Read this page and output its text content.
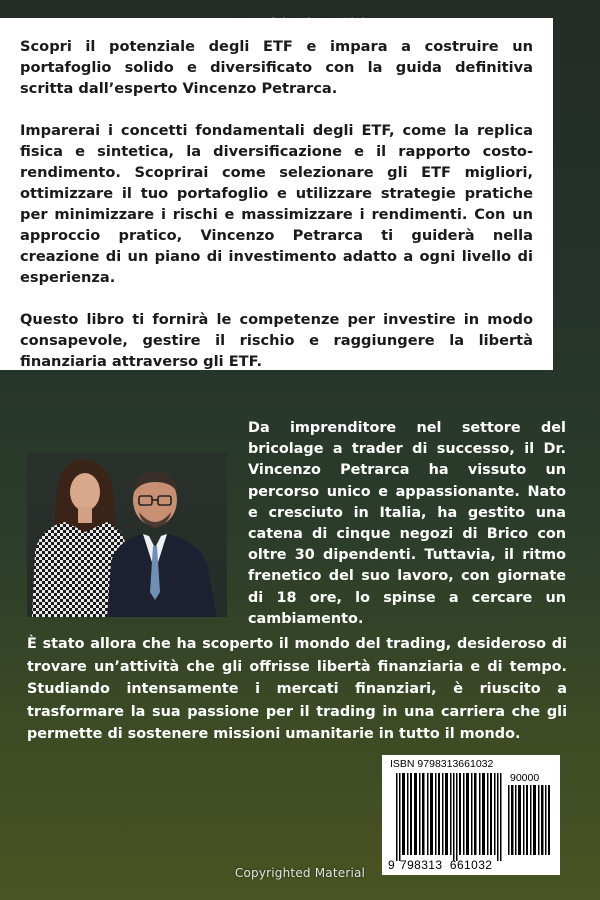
Scopri il potenziale degli ETF e impara a costruire un portafoglio solido e diversificato con la guida definitiva scritta dall’esperto Vincenzo Petrarca.

Imparerai i concetti fondamentali degli ETF, come la replica fisica e sintetica, la diversificazione e il rapporto costo-rendimento. Scoprirai come selezionare gli ETF migliori, ottimizzare il tuo portafoglio e utilizzare strategie pratiche per minimizzare i rischi e massimizzare i rendimenti. Con un approccio pratico, Vincenzo Petrarca ti guiderà nella creazione di un piano di investimento adatto a ogni livello di esperienza.

Questo libro ti fornirà le competenze per investire in modo consapevole, gestire il rischio e raggiungere la libertà finanziaria attraverso gli ETF.

Da imprenditore nel settore del bricolage a trader di successo, il Dr. Vincenzo Petrarca ha vissuto un percorso unico e appassionante. Nato e cresciuto in Italia, ha gestito una catena di cinque negozi di Brico con oltre 30 dipendenti. Tuttavia, il ritmo frenetico del suo lavoro, con giornate di 18 ore, lo spinse a cercare un cambiamento.

È stato allora che ha scoperto il mondo del trading, desideroso di trovare un’attività che gli offrisse libertà finanziaria e di tempo. Studiando intensamente i mercati finanziari, è riuscito a trasformare la sua passione per il trading in una carriera che gli permette di sostenere missioni umanitarie in tutto il mondo.

ISBN 9798313661032
90000
9 798313  661032
Copyrighted Material
